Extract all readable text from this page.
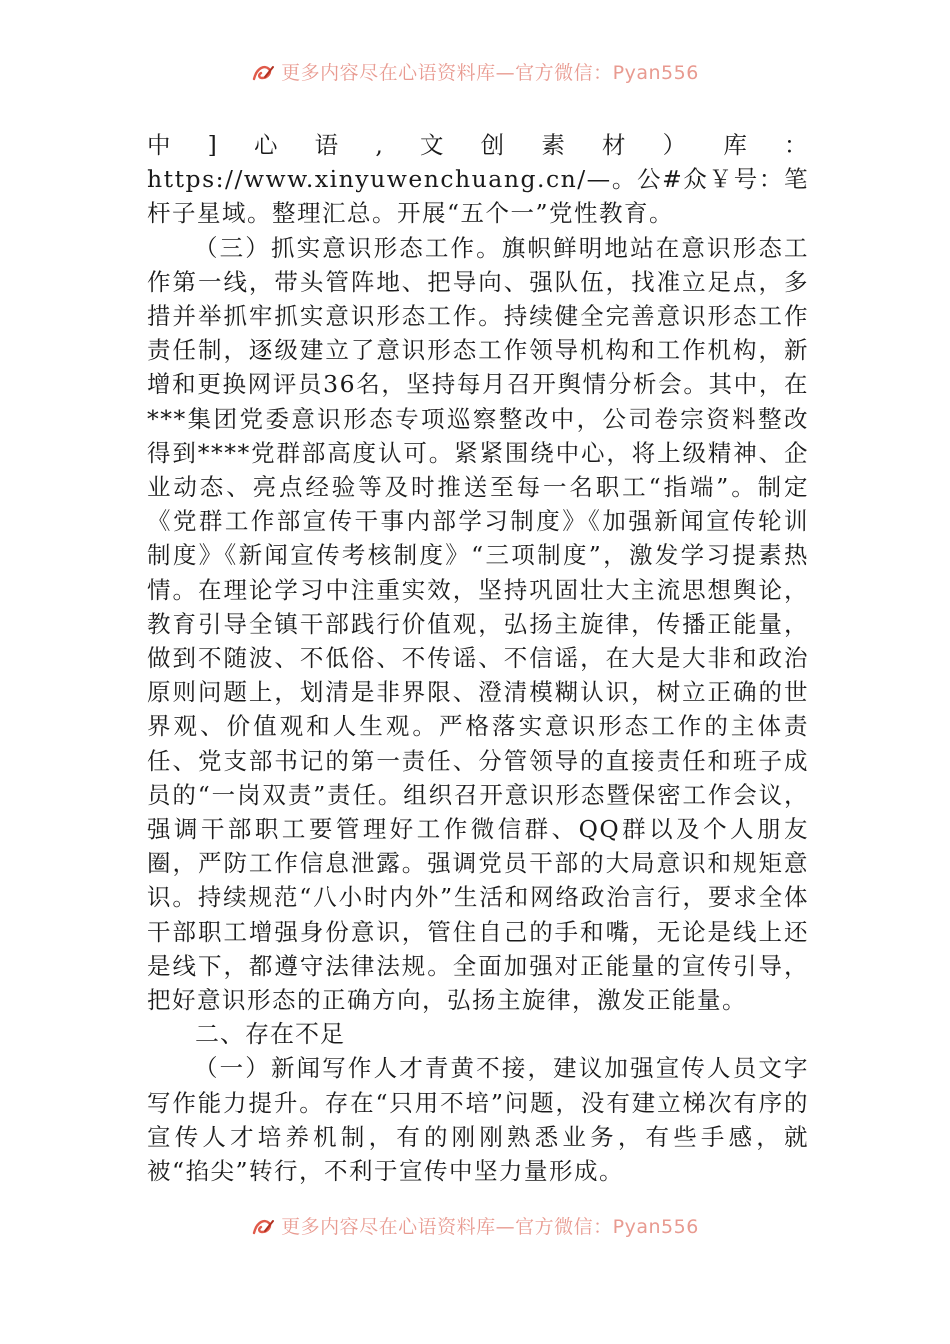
更多内容尽在心语资料库—官方微信：Pyan556

中]心语,文创素材）库：https://www.xinyuwenchuang.cn/—。公#众￥号：笔杆子星域。整理汇总。开展“五个一”党性教育。

（三）抓实意识形态工作。旗帜鲜明地站在意识形态工作第一线，带头管阵地、把导向、强队伍，找准立足点，多措并举抓牢抓实意识形态工作。持续健全完善意识形态工作责任制，逐级建立了意识形态工作领导机构和工作机构，新增和更换网评员36名，坚持每月召开舆情分析会。其中，在***集团党委意识形态专项巡察整改中，公司卷宗资料整改得到****党群部高度认可。紧紧围绕中心，将上级精神、企业动态、亮点经验等及时推送至每一名职工“指端”。制定《党群工作部宣传干事内部学习制度》《加强新闻宣传轮训制度》《新闻宣传考核制度》“三项制度”，激发学习提素热情。在理论学习中注重实效，坚持巩固壮大主流思想舆论，教育引导全镇干部践行价值观，弘扬主旋律，传播正能量，做到不随波、不低俗、不传谣、不信谣，在大是大非和政治原则问题上，划清是非界限、澄清模糊认识，树立正确的世界观、价值观和人生观。严格落实意识形态工作的主体责任、党支部书记的第一责任、分管领导的直接责任和班子成员的“一岗双责”责任。组织召开意识形态暨保密工作会议，强调干部职工要管理好工作微信群、QQ群以及个人朋友圈，严防工作信息泄露。强调党员干部的大局意识和规矩意识。持续规范“八小时内外”生活和网络政治言行，要求全体干部职工增强身份意识，管住自己的手和嘴，无论是线上还是线下，都遵守法律法规。全面加强对正能量的宣传引导，把好意识形态的正确方向，弘扬主旋律，激发正能量。

二、存在不足

（一）新闻写作人才青黄不接，建议加强宣传人员文字写作能力提升。存在“只用不培”问题，没有建立梯次有序的宣传人才培养机制，有的刚刚熟悉业务，有些手感，就被“掐尖”转行，不利于宣传中坚力量形成。

更多内容尽在心语资料库—官方微信：Pyan556
